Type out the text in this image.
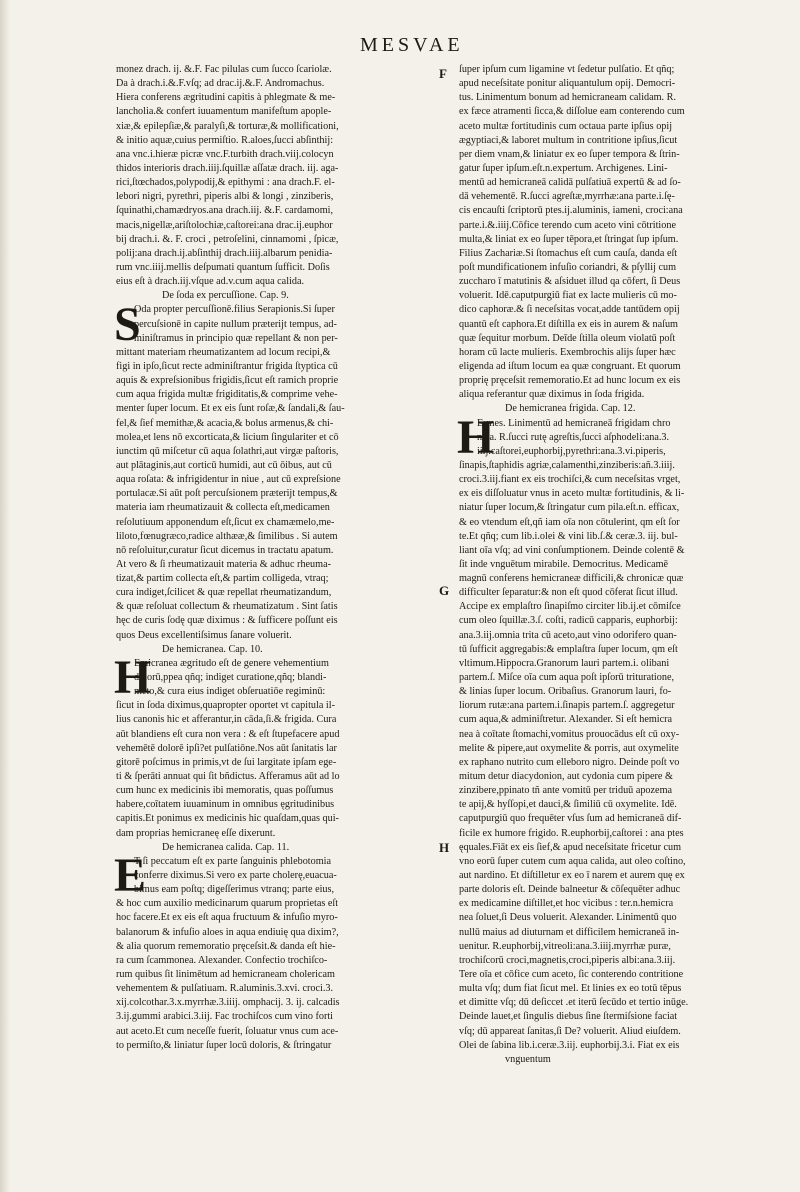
MESVAE
monez drach. ij. &.F. Fac pilulas cum ſucco ſcariolæ.
Da à drach.i.&.F.vſq; ad drac.ij.&.F. Andromachus.
Hiera conferens ægritudini capitis à phlegmate & me-
lancholia.& confert iuuamentum manifeſtum apople-
xiæ,& epilepſiæ,& paralyſi,& torturæ,& mollificationi,
& initio aquæ,cuius permiſtio. R.aloes,ſucci abſinthij:
ana vnc.i.hieræ picræ vnc.F.turbith drach.viij.colocyn
thidos interioris drach.iiij.ſquillæ aſſatæ drach. iij. aga-
rici,ſtœchados,polypodij,& epithymi : ana drach.F. el-
lebori nigri, pyrethri, piperis albi & longi , zinziberis,
ſquinathi,chamædryos.ana drach.iij. &.F. cardamomi,
macis,nigellæ,ariſtolochiæ,caſtorei:ana drac.ij.euphor
bij drach.i. &. F. croci , petroſelini, cinnamomi , ſpicæ,
polij:ana drach.ij.abſinthij drach.iiij.albarum penidia-
rum vnc.iiij.mellis deſpumati quantum ſufficit. Doſis
eius eſt à drach.iij.vſque ad.v.cum aqua calida.
De ſoda ex percuſſione. Cap. 9.
Oda propter percuſſionē.filius Serapionis.Si ſuper
percuſsionē in capite nullum præterijt tempus, ad-
miniſtramus in principio quæ repellant & non per-
mittant materiam rheumatizantem ad locum recipi,&
figi in ipſo,ſicut recte adminiſtrantur frigida ſtyptica cū
aquis & expreſsionibus frigidis,ſicut eſt ramich proprie
cum aqua frigida multæ frigiditatis,& comprime vehe-
menter ſuper locum. Et ex eis ſunt roſæ,& ſandali,& ſau-
fel,& ſief memithæ,& acacia,& bolus armenus,& chi-
molea,et lens nō excorticata,& licium ſingulariter et cō
iunctim qū miſcetur cū aqua ſolathri,aut virgæ paſtoris,
aut plātaginis,aut corticū humidi, aut cū ōibus, aut cū
aqua roſata: & infrigidentur in niue , aut cū expreſsione
portulacæ.Si aūt poſt percuſsionem præterijt tempus,&
materia iam rheumatizauit & collecta eſt,medicamen
reſolutiuum apponendum eſt,ſicut ex chamæmelo,me-
liloto,fœnugræco,radice althææ,& ſimilibus . Si autem
nō reſoluitur,curatur ſicut dicemus in tractatu apatum.
At vero & ſi rheumatizauit materia & adhuc rheuma-
tizat,& partim collecta eſt,& partim colligeda, vtraq;
cura indiget,ſcilicet & quæ repellat rheumatizandum,
& quæ reſoluat collectum & rheumatizatum . Sint ſatis
hęc de curis ſodę quæ diximus : & ſufficere poſſunt eis
quos Deus excellentiſsimus ſanare voluerit.
De hemicranea. Cap. 10.
Emicranea ægritudo eſt de genere vehementium
dolorū,ppea qñq; indiget curatione,qñq; blandi-
mēto,& cura eius indiget obſeruatiōe regiminū:
ſicut in ſoda diximus,quapropter oportet vt capitula il-
lius canonis hic et afferantur,in cāda,ſi.& frigida. Cura
aūt blandiens eſt cura non vera : & eſt ſtupefacere apud
vehemētē dolorē ipſi?et pulſatiōne.Nos aūt ſanitatis lar
gitorē poſcimus in primis,vt de ſui largitate ipſam ege-
ti & ſperāti annuat qui ſit bñdictus. Afferamus aūt ad lo
cum hunc ex medicinis ibi memoratis, quas poſſumus
habere,coītatem iuuaminum in omnibus ęgritudinibus
capitis.Et ponimus ex medicinis hic quaſdam,quas qui-
dam proprias hemicraneę eſſe dixerunt.
De hemicranea calida. Cap. 11.
T ſi peccatum eſt ex parte ſanguinis phlebotomia
conferre diximus.Si vero ex parte cholerę,euacua-
bimus eam poſtq; digeſſerimus vtranq; parte eius,
& hoc cum auxilio medicinarum quarum proprietas eſt
hoc facere.Et ex eis eſt aqua fructuum & infuſio myro-
balanorum & infuſio aloes in aqua endiuię qua dixim?,
& alia quorum rememoratio pręceſsit.& danda eſt hie-
ra cum ſcammonea. Alexander. Confectio trochiſco-
rum quibus ſit linimētum ad hemicraneam cholericam
vehementem & pulſatiuam. R.aluminis.3.xvi. croci.3.
xij.colcothar.3.x.myrrhæ.3.iiij. omphacij. 3. ij. calcadis
3.ij.gummi arabici.3.iij. Fac trochiſcos cum vino forti
aut aceto.Et cum neceſſe fuerit, ſoluatur vnus cum ace-
to permiſto,& liniatur ſuper locū doloris, & ſtringatur
S
H
E
ſuper ipſum cum ligamine vt ſedetur pulſatio. Et qñq;
apud neceſsitate ponitur aliquantulum opij. Democri-
tus. Linimentum bonum ad hemicraneam calidam. R.
ex fæce atramenti ſicca,& diſſolue eam conterendo cum
aceto multæ fortitudinis cum octaua parte ipſius opij
ægyptiaci,& laboret multum in contritione ipſius,ſicut
per diem vnam,& liniatur ex eo ſuper tempora & ſtrin-
gatur ſuper ipſum.eſt.n.expertum. Archigenes. Lini-
mentū ad hemicraneā calidā pulſatiuā expertū & ad ſo-
dā vehementē. R.ſucci agreſtæ,myrrhæ:ana parte.i.ſę-
cis encauſti ſcriptorū ptes.ij.aluminis, iameni, croci:ana
parte.i.&.iiij.Cōfice terendo cum aceto vini cōtritione
multa,& liniat ex eo ſuper tēpora,et ſtringat ſup ipſum.
Filius Zachariæ.Si ſtomachus eſt cum cauſa, danda eſt
poſt mundificationem infuſio coriandri, & pſyllij cum
zuccharo ī matutinis & aſsiduet illud qa cōfert, ſi Deus
voluerit. Idē.caputpurgiū fiat ex lacte mulieris cū mo-
dico caphoræ.& ſi neceſsitas vocat,adde tantūdem opij
quantū eſt caphora.Et diſtilla ex eis in aurem & naſum
quæ ſequitur morbum. Deīde ſtilla oleum violatū poſt
horam cū lacte mulieris. Exembrochis alijs ſuper hæc
eligenda ad iſtum locum ea quæ congruant. Et quorum
proprię pręceſsit rememoratio.Et ad hunc locum ex eis
aliqua referantur quæ diximus in ſoda frigida.
De hemicranea frigida. Cap. 12.
Ermes. Linimentū ad hemicraneā frigidam chro
nica. R.ſucci rutę agreſtis,ſucci aſphodeli:ana.3.
iiij.caſtorei,euphorbij,pyrethri:ana.3.vi.piperis,
ſinapis,ſtaphidis agriæ,calamenthi,zinziberis:añ.3.iiij.
croci.3.iij.fiant ex eis trochiſci,& cum neceſsitas vrget,
ex eis diſſoluatur vnus in aceto multæ fortitudinis, & li-
niatur ſuper locum,& ſtringatur cum pila.eſt.n. efficax,
& eo vtendum eſt,qñ iam oīa non cōtulerint, qm eſt ſor
te.Et qñq; cum lib.i.olei & vini lib.ſ.& ceræ.3. iij. bul-
liant oīa vſq; ad vini conſumptionem. Deinde colentē &
ſit inde vnguētum mirabile. Democritus. Medicamē
magnū conferens hemicraneæ difficili,& chronicæ quæ
difficulter ſeparatur:& non eſt quod cōferat ſicut illud.
Accipe ex emplaſtro ſinapiſmo circiter lib.ij.et cōmiſce
cum oleo ſquillæ.3.ſ. coſti, radicū capparis, euphorbij:
ana.3.iij.omnia trita cū aceto,aut vino odorifero quan-
tū ſufficit aggregabis:& emplaſtra ſuper locum, qm eſt
vltimum.Hippocra.Granorum lauri partem.i. olibani
partem.ſ. Miſce oīa cum aqua poſt ipſorū trituratione,
& linias ſuper locum. Oribaſius. Granorum lauri, fo-
liorum rutæ:ana partem.i.ſinapis partem.ſ. aggregetur
cum aqua,& adminiſtretur. Alexander. Si eſt hemicra
nea à coītate ſtomachi,vomitus prouocādus eſt cū oxy-
melite & pipere,aut oxymelite & porris, aut oxymelite
ex raphano nutrito cum elleboro nigro. Deinde poſt vo
mitum detur diacydonion, aut cydonia cum pipere &
zinzibere,ppinato tñ ante vomitū per triduū apozema
te apij,& hyſſopi,et dauci,& ſimiliū cū oxymelite. Idē.
caputpurgiū quo frequēter vſus ſum ad hemicraneā dif-
ficile ex humore frigido. R.euphorbij,caſtorei : ana ptes
ęquales.Fiāt ex eis ſief,& apud neceſsitate fricetur cum
vno eorū ſuper cutem cum aqua calida, aut oleo coſtino,
aut nardino. Et diſtilletur ex eo ī narem et aurem quę ex
parte doloris eſt. Deinde balneetur & cōſequēter adhuc
ex medicamine diſtillet,et hoc vicibus : ter.n.hemicra
nea ſoluet,ſi Deus voluerit. Alexander. Linimentū quo
nullū maius ad diuturnam et difficilem hemicraneā in-
uenitur. R.euphorbij,vitreoli:ana.3.iiij.myrrhæ puræ,
trochiſcorū croci,magnetis,croci,piperis albi:ana.3.iij.
Tere oīa et cōfice cum aceto, ſic conterendo contritione
multa vſq; dum fiat ſicut mel. Et linies ex eo totū tēpus
et dimitte vſq; dū deſiccet .et iterū ſecūdo et tertio inūge.
Deinde lauet,et ſingulis diebus ſine ſtermiſsione faciat
vſq; dū appareat ſanitas,ſi De? voluerit. Aliud eiuſdem.
Olei de ſabina lib.i.ceræ.3.iij. euphorbij.3.i. Fiat ex eis
vnguentum
H
F
G
H
